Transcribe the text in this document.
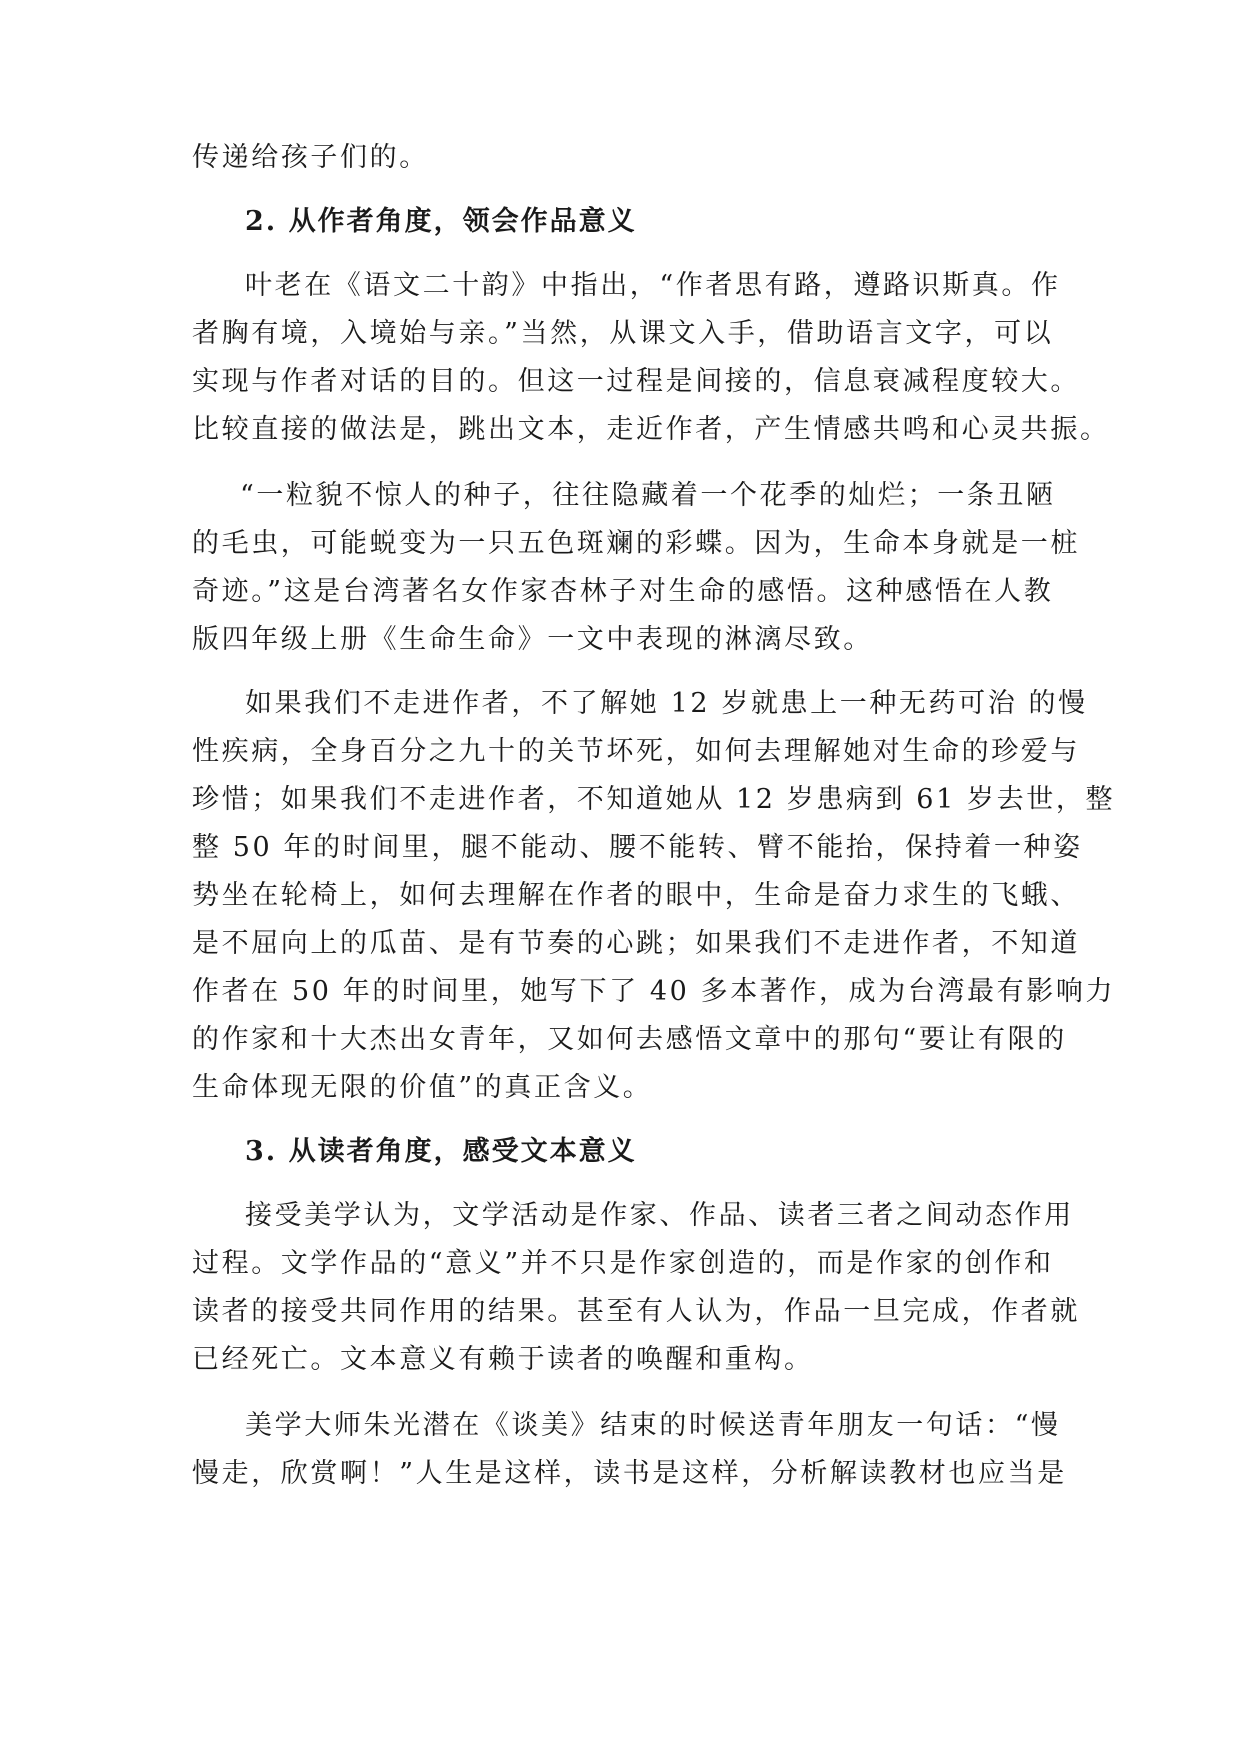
传递给孩子们的。
2. 从作者角度，领会作品意义
叶老在《语文二十韵》中指出，“作者思有路，遵路识斯真。作
者胸有境，入境始与亲。”当然，从课文入手，借助语言文字，可以
实现与作者对话的目的。但这一过程是间接的，信息衰减程度较大。
比较直接的做法是，跳出文本，走近作者，产生情感共鸣和心灵共振。
“一粒貌不惊人的种子，往往隐藏着一个花季的灿烂；一条丑陋
的毛虫，可能蜕变为一只五色斑斓的彩蝶。因为，生命本身就是一桩
奇迹。”这是台湾著名女作家杏林子对生命的感悟。这种感悟在人教
版四年级上册《生命生命》一文中表现的淋漓尽致。
如果我们不走进作者，不了解她 12 岁就患上一种无药可治 的慢
性疾病，全身百分之九十的关节坏死，如何去理解她对生命的珍爱与
珍惜；如果我们不走进作者，不知道她从 12 岁患病到 61 岁去世，整
整 50 年的时间里，腿不能动、腰不能转、臂不能抬，保持着一种姿
势坐在轮椅上，如何去理解在作者的眼中，生命是奋力求生的飞蛾、
是不屈向上的瓜苗、是有节奏的心跳；如果我们不走进作者，不知道
作者在 50 年的时间里，她写下了 40 多本著作，成为台湾最有影响力
的作家和十大杰出女青年，又如何去感悟文章中的那句“要让有限的
生命体现无限的价值”的真正含义。
3. 从读者角度，感受文本意义
接受美学认为，文学活动是作家、作品、读者三者之间动态作用
过程。文学作品的“意义”并不只是作家创造的，而是作家的创作和
读者的接受共同作用的结果。甚至有人认为，作品一旦完成，作者就
已经死亡。文本意义有赖于读者的唤醒和重构。
美学大师朱光潜在《谈美》结束的时候送青年朋友一句话：“慢
慢走，欣赏啊！”人生是这样，读书是这样，分析解读教材也应当是
